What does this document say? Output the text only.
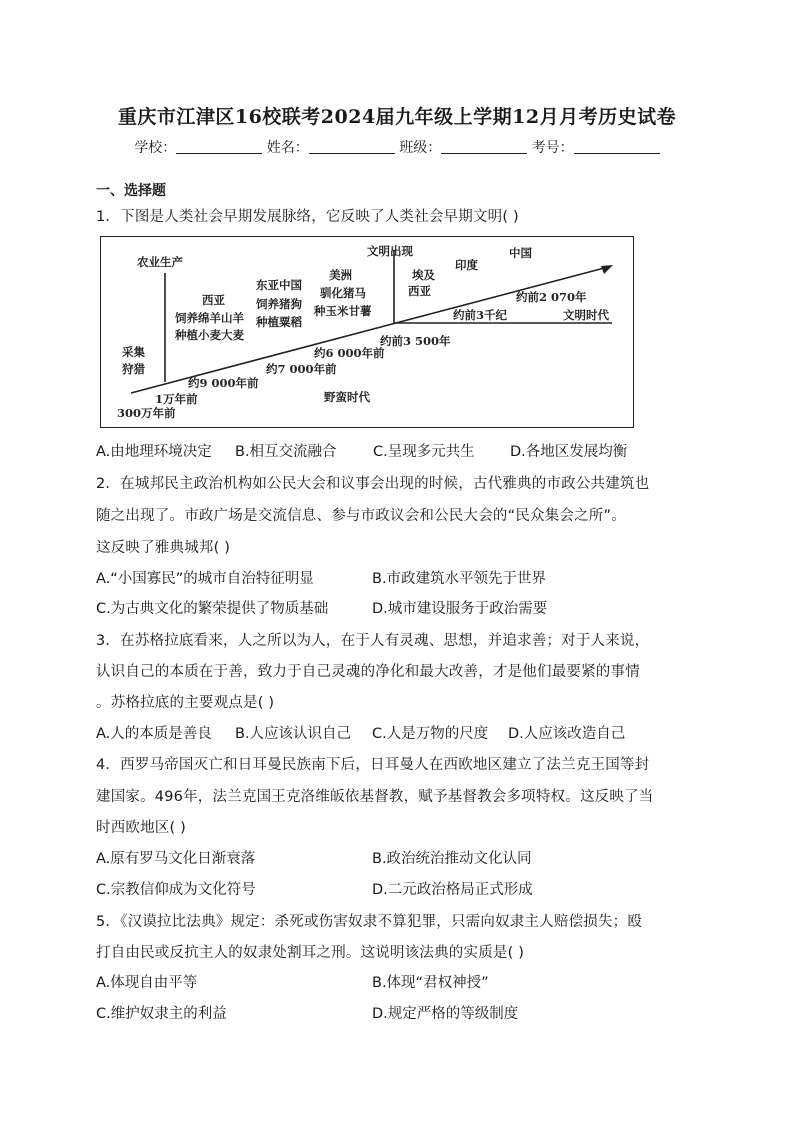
重庆市江津区16校联考2024届九年级上学期12月月考历史试卷
学校：	姓名：	班级：	考号：
一、选择题
1．下图是人类社会早期发展脉络，它反映了人类社会早期文明( )
农业生产
采集
狩猎
西亚
饲养绵羊山羊
种植小麦大麦
东亚中国
饲养猪狗
种植粟稻
美洲
驯化猪马
种玉米甘薯
文明出现
埃及
西亚
印度
中国
300万年前
1万年前
约9 000年前
约7 000年前
约6 000年前
约前3 500年
约前3千纪
约前2 070年
文明时代
野蛮时代
A.由地理环境决定 B.相互交流融合	C.呈现多元共生 D.各地区发展均衡
2．在城邦民主政治机构如公民大会和议事会出现的时候，古代雅典的市政公共建筑也
随之出现了。市政广场是交流信息、参与市政议会和公民大会的“民众集会之所”。
这反映了雅典城邦( )
A.“小国寡民”的城市自治特征明显	B.市政建筑水平领先于世界
C.为古典文化的繁荣提供了物质基础	D.城市建设服务于政治需要
3．在苏格拉底看来，人之所以为人，在于人有灵魂、思想，并追求善；对于人来说，
认识自己的本质在于善，致力于自己灵魂的净化和最大改善，才是他们最要紧的事情
。苏格拉底的主要观点是( )
A.人的本质是善良 B.人应该认识自己 C.人是万物的尺度 D.人应该改造自己
4．西罗马帝国灭亡和日耳曼民族南下后，日耳曼人在西欧地区建立了法兰克王国等封
建国家。496年，法兰克国王克洛维皈依基督教，赋予基督教会多项特权。这反映了当
时西欧地区( )
A.原有罗马文化日渐衰落	B.政治统治推动文化认同
C.宗教信仰成为文化符号	D.二元政治格局正式形成
5．《汉谟拉比法典》规定：杀死或伤害奴隶不算犯罪，只需向奴隶主人赔偿损失；殴
打自由民或反抗主人的奴隶处割耳之刑。这说明该法典的实质是( )
A.体现自由平等	B.体现“君权神授”
C.维护奴隶主的利益	D.规定严格的等级制度
